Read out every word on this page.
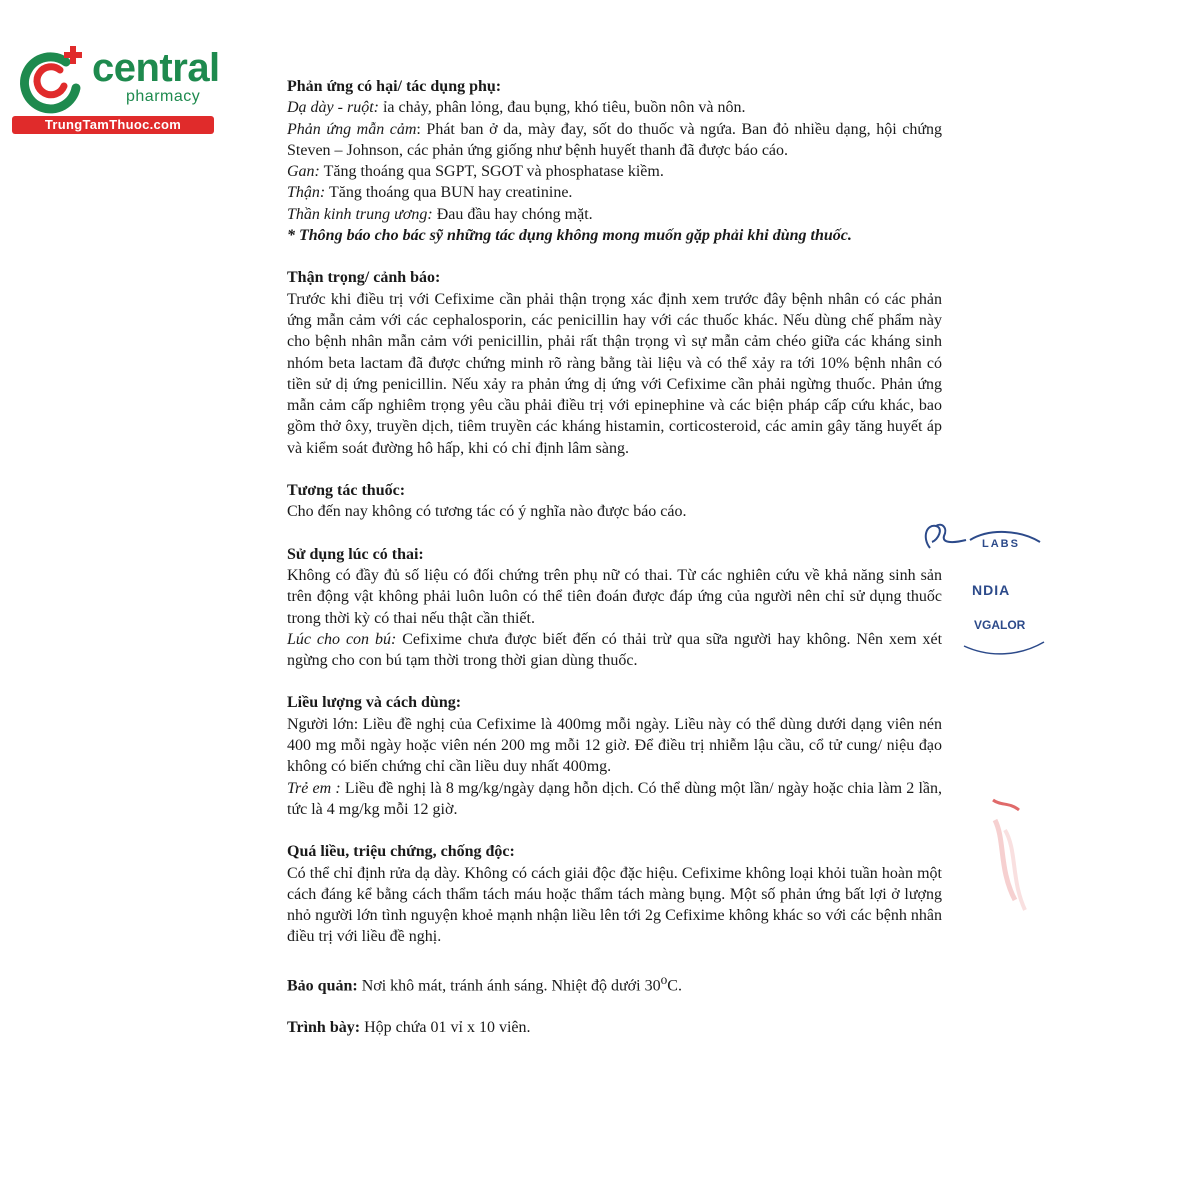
central
pharmacy
TrungTamThuoc.com

Phản ứng có hại/ tác dụng phụ:

Dạ dày - ruột: ỉa chảy, phân lỏng, đau bụng, khó tiêu, buồn nôn và nôn.

Phản ứng mẫn cảm: Phát ban ở da, mày đay, sốt do thuốc và ngứa. Ban đỏ nhiều dạng, hội chứng Steven – Johnson, các phản ứng giống như bệnh huyết thanh đã được báo cáo.

Gan: Tăng thoáng qua SGPT, SGOT và phosphatase kiềm.

Thận: Tăng thoáng qua BUN hay creatinine.

Thần kinh trung ương: Đau đầu hay chóng mặt.

* Thông báo cho bác sỹ những tác dụng không mong muốn gặp phải khi dùng thuốc.

Thận trọng/ cảnh báo:

Trước khi điều trị với Cefixime cần phải thận trọng xác định xem trước đây bệnh nhân có các phản ứng mẫn cảm với các cephalosporin, các penicillin hay với các thuốc khác. Nếu dùng chế phẩm này cho bệnh nhân mẫn cảm với penicillin, phải rất thận trọng vì sự mẫn cảm chéo giữa các kháng sinh nhóm beta lactam đã được chứng minh rõ ràng bằng tài liệu và có thể xảy ra tới 10% bệnh nhân có tiền sử dị ứng penicillin. Nếu xảy ra phản ứng dị ứng với Cefixime cần phải ngừng thuốc. Phản ứng mẫn cảm cấp nghiêm trọng yêu cầu phải điều trị với epinephine và các biện pháp cấp cứu khác, bao gồm thở ôxy, truyền dịch, tiêm truyền các kháng histamin, corticosteroid, các amin gây tăng huyết áp và kiểm soát đường hô hấp, khi có chỉ định lâm sàng.

Tương tác thuốc:

Cho đến nay không có tương tác có ý nghĩa nào được báo cáo.

Sử dụng lúc có thai:

Không có đầy đủ số liệu có đối chứng trên phụ nữ có thai. Từ các nghiên cứu về khả năng sinh sản trên động vật không phải luôn luôn có thể tiên đoán được đáp ứng của người nên chỉ sử dụng thuốc trong thời kỳ có thai nếu thật cần thiết.

Lúc cho con bú: Cefixime chưa được biết đến có thải trừ qua sữa người hay không. Nên xem xét ngừng cho con bú tạm thời trong thời gian dùng thuốc.

Liều lượng và cách dùng:

Người lớn: Liều đề nghị của Cefixime là 400mg mỗi ngày. Liều này có thể dùng dưới dạng viên nén 400 mg mỗi ngày hoặc viên nén 200 mg mỗi 12 giờ. Để điều trị nhiễm lậu cầu, cổ tử cung/ niệu đạo không có biến chứng chỉ cần liều duy nhất 400mg.

Trẻ em : Liều đề nghị là 8 mg/kg/ngày dạng hỗn dịch. Có thể dùng một lần/ ngày hoặc chia làm 2 lần, tức là 4 mg/kg mỗi 12 giờ.

Quá liều, triệu chứng, chống độc:

Có thể chỉ định rửa dạ dày. Không có cách giải độc đặc hiệu. Cefixime không loại khỏi tuần hoàn một cách đáng kể bằng cách thẩm tách máu hoặc thẩm tách màng bụng. Một số phản ứng bất lợi ở lượng nhỏ người lớn tình nguyện khoẻ mạnh nhận liều lên tới 2g Cefixime không khác so với các bệnh nhân điều trị với liều đề nghị.

Bảo quản: Nơi khô mát, tránh ánh sáng. Nhiệt độ dưới 30$^o$C.

Trình bày: Hộp chứa 01 vỉ x 10 viên.

LABS
NDIA
VGALOR
